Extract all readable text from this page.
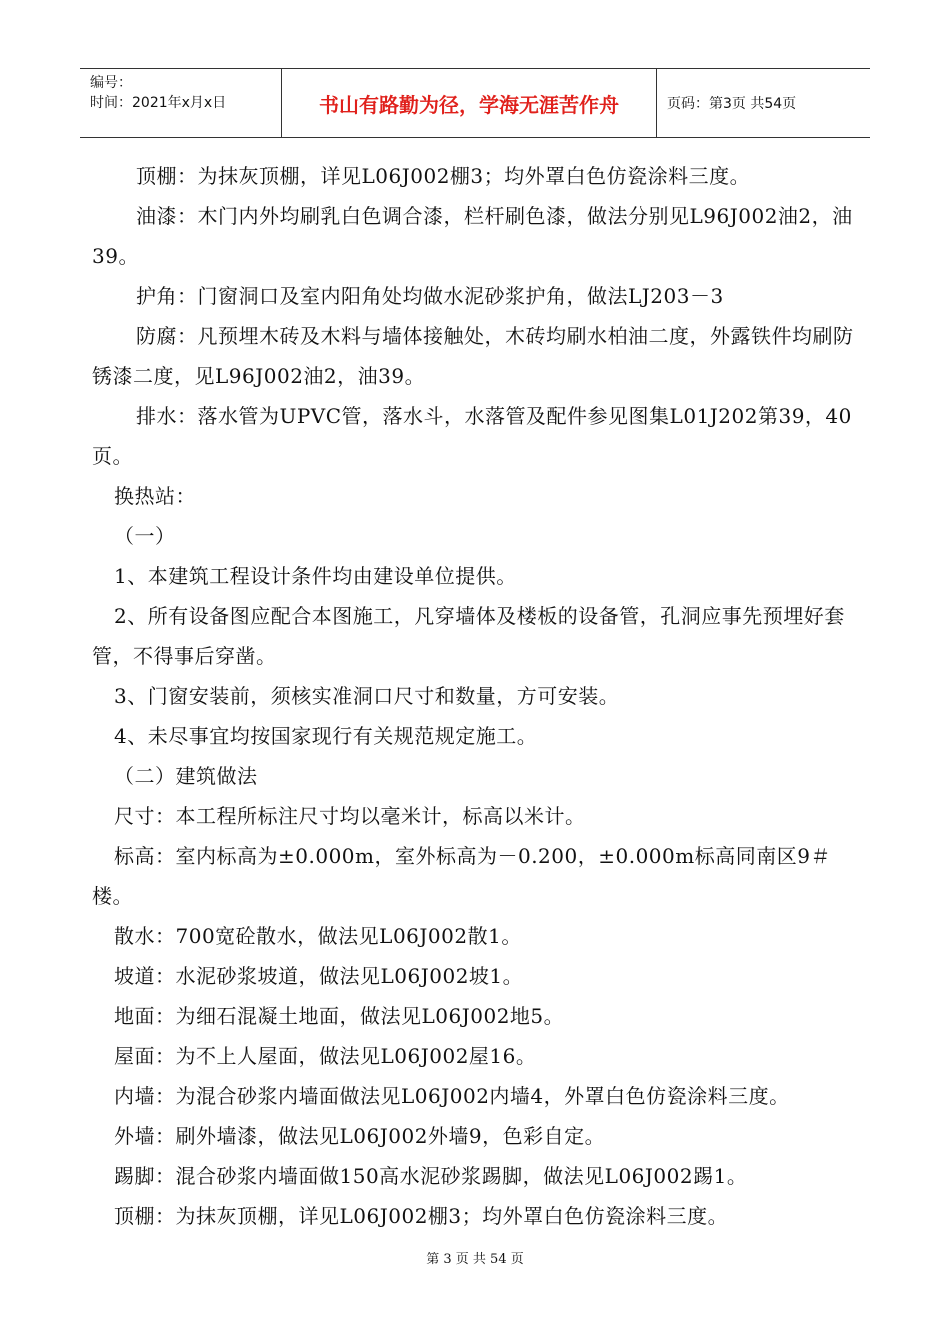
编号：
时间：2021年x月x日	书山有路勤为径，学海无涯苦作舟	页码：第3页 共54页

顶棚：为抹灰顶棚，详见L06J002棚3；均外罩白色仿瓷涂料三度。

油漆：木门内外均刷乳白色调合漆，栏杆刷色漆，做法分别见L96J002油2，油39。

护角：门窗洞口及室内阳角处均做水泥砂浆护角，做法LJ203－3

防腐：凡预埋木砖及木料与墙体接触处，木砖均刷水柏油二度，外露铁件均刷防锈漆二度，见L96J002油2，油39。

排水：落水管为UPVC管，落水斗，水落管及配件参见图集L01J202第39，40页。

换热站：

（一）

1、本建筑工程设计条件均由建设单位提供。

2、所有设备图应配合本图施工，凡穿墙体及楼板的设备管，孔洞应事先预埋好套管，不得事后穿凿。

3、门窗安装前，须核实准洞口尺寸和数量，方可安装。

4、未尽事宜均按国家现行有关规范规定施工。

（二）建筑做法

尺寸：本工程所标注尺寸均以毫米计，标高以米计。

标高：室内标高为±0.000m，室外标高为－0.200，±0.000m标高同南区9＃楼。

散水：700宽砼散水，做法见L06J002散1。

坡道：水泥砂浆坡道，做法见L06J002坡1。

地面：为细石混凝土地面，做法见L06J002地5。

屋面：为不上人屋面，做法见L06J002屋16。

内墙：为混合砂浆内墙面做法见L06J002内墙4，外罩白色仿瓷涂料三度。

外墙：刷外墙漆，做法见L06J002外墙9，色彩自定。

踢脚：混合砂浆内墙面做150高水泥砂浆踢脚，做法见L06J002踢1。

顶棚：为抹灰顶棚，详见L06J002棚3；均外罩白色仿瓷涂料三度。

第 3 页 共 54 页
